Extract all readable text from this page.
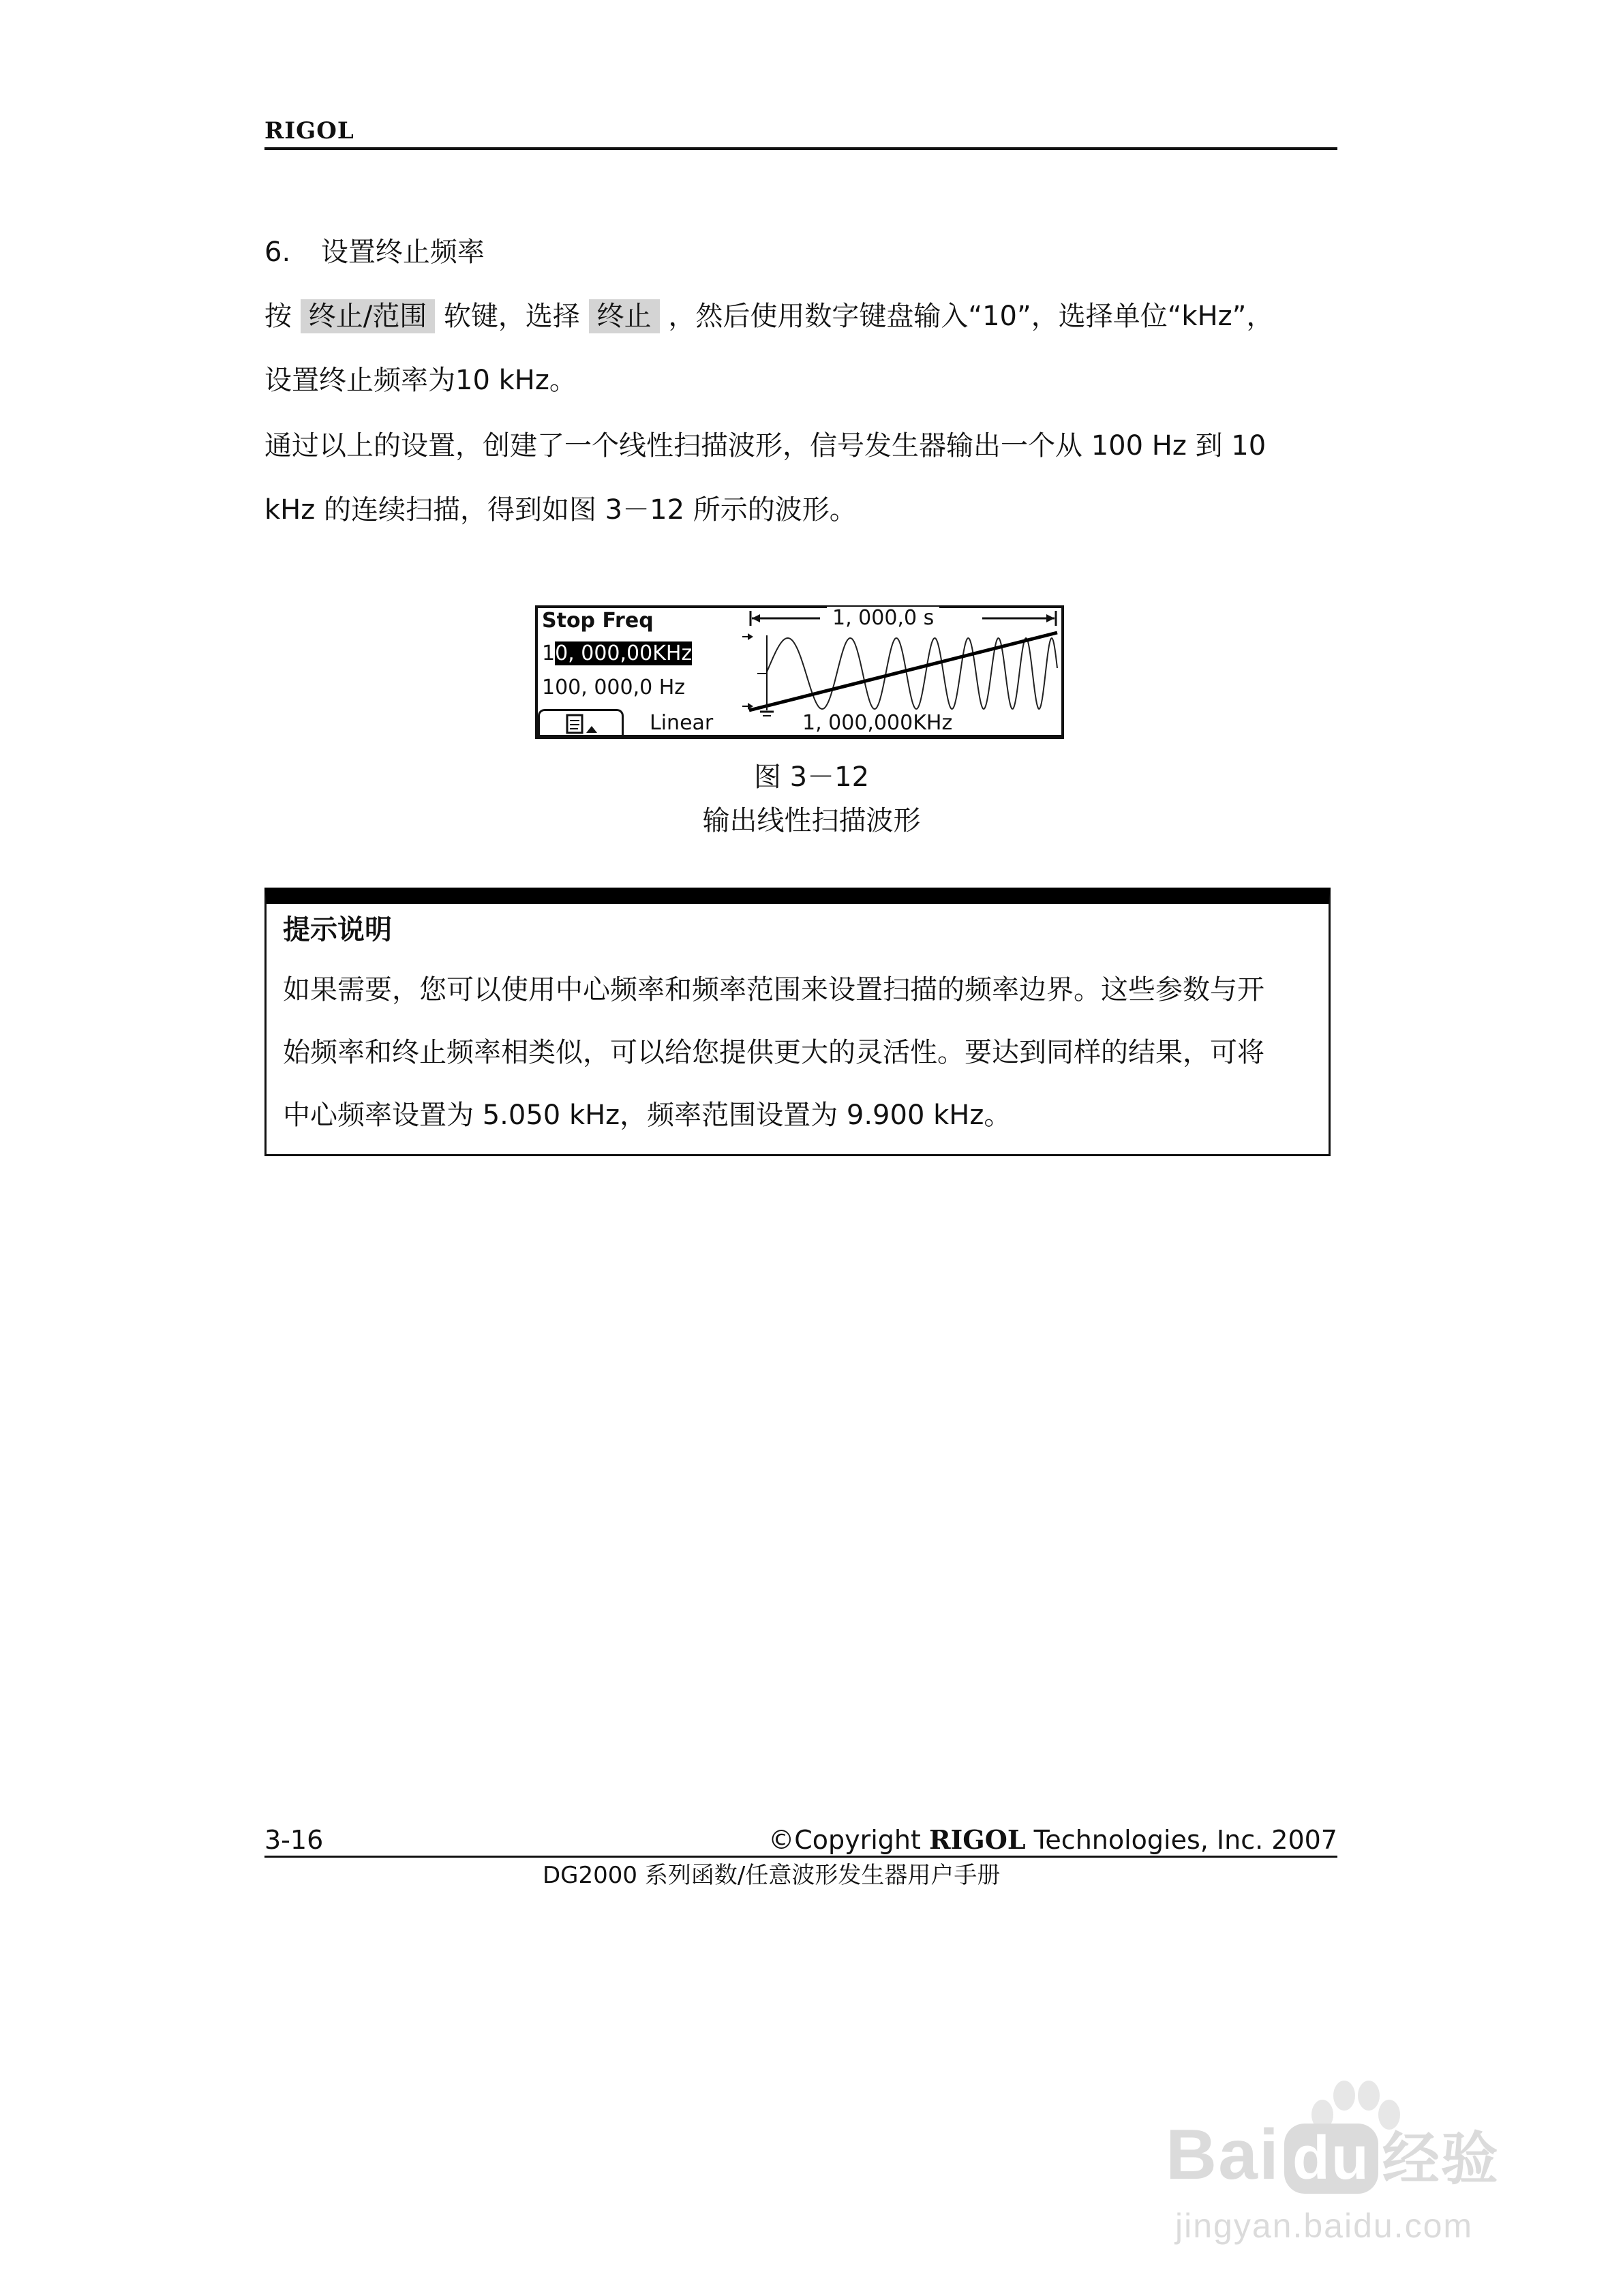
RIGOL
6. 设置终止频率
按 终止/范围 软键，选择 终止 ，然后使用数字键盘输入“10”，选择单位“kHz”，
设置终止频率为10 kHz。
通过以上的设置，创建了一个线性扫描波形，信号发生器输出一个从 100 Hz 到 10
kHz 的连续扫描，得到如图 3－12 所示的波形。
Stop Freq
10, 000,00KHz
100, 000,0 Hz
Linear	1, 000,000KHz
1, 000,0 s
图 3－12
输出线性扫描波形
提示说明
如果需要，您可以使用中心频率和频率范围来设置扫描的频率边界。这些参数与开
始频率和终止频率相类似，可以给您提供更大的灵活性。要达到同样的结果，可将
中心频率设置为 5.050 kHz，频率范围设置为 9.900 kHz。
3-16	©Copyright RIGOL Technologies, Inc. 2007
DG2000 系列函数/任意波形发生器用户手册
Bai du 经验
jingyan.baidu.com
